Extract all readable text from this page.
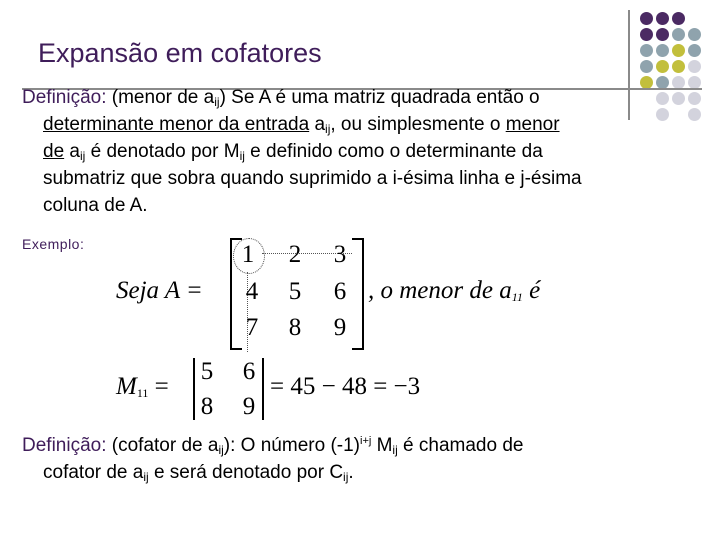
Expansão em cofatores
Definição: (menor de $a_{ij}$) Se A é uma matriz quadrada então o
determinante menor da entrada $a_{ij}$, ou simplesmente o menor
de $a_{ij}$ é denotado por $M_{ij}$ e definido como o determinante da
submatriz que sobra quando suprimido a i-ésima linha e j-ésima
coluna de A.
Exemplo:
Seja A =
1 2 3
4 5 6
7 8 9
, o menor de $a_{11}$ é
$M_{11}$ =
5 6
8 9
= 45 − 48 = −3
Definição: (cofator de $a_{ij}$): O número $(-1)^{i+j}$ $M_{ij}$ é chamado de
cofator de $a_{ij}$ e será denotado por $C_{ij}$.
